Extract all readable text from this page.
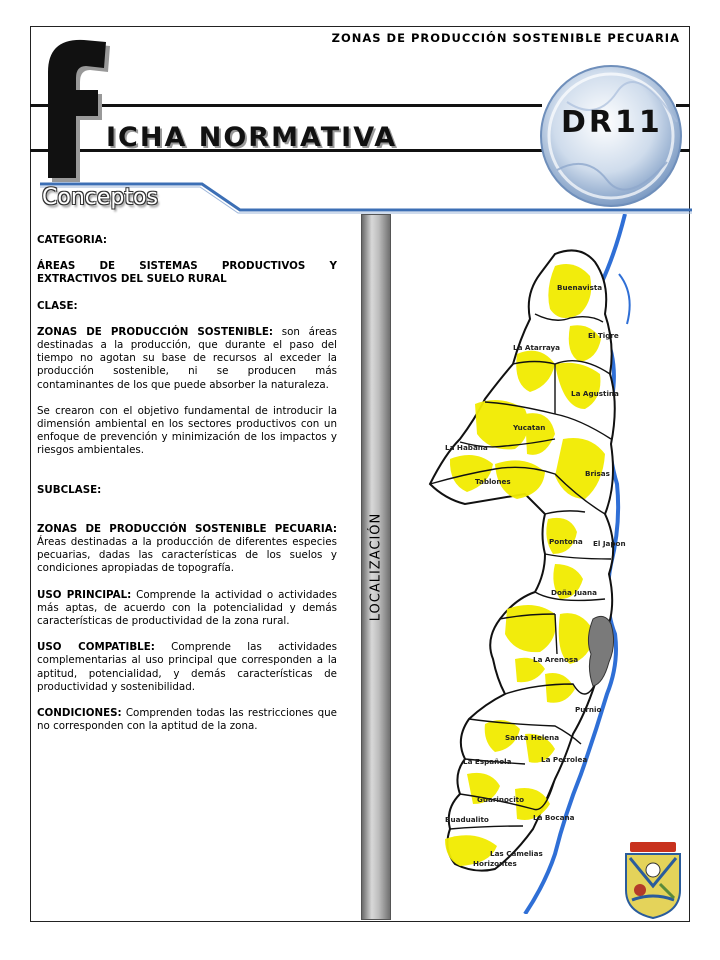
ZONAS DE PRODUCCIÓN SOSTENIBLE PECUARIA
ICHA NORMATIVA	DR11
Conceptos

CATEGORIA:

ÁREAS DE SISTEMAS PRODUCTIVOS Y EXTRACTIVOS DEL SUELO RURAL

CLASE:

ZONAS DE PRODUCCIÓN SOSTENIBLE: son áreas destinadas a la producción, que durante el paso del tiempo no agotan su base de recursos al exceder la producción sostenible, ni se producen más contaminantes de los que puede absorber la naturaleza.

Se crearon con el objetivo fundamental de introducir la dimensión ambiental en los sectores productivos con un enfoque de prevención y minimización de los impactos y riesgos ambientales.

SUBCLASE:

ZONAS DE PRODUCCIÓN SOSTENIBLE PECUARIA: Áreas destinadas a la producción de diferentes especies pecuarias, dadas las características de los suelos y condiciones apropiadas de topografía.

USO PRINCIPAL: Comprende la actividad o actividades más aptas, de acuerdo con la potencialidad y demás características de productividad de la zona rural.

USO COMPATIBLE: Comprende las actividades complementarias al uso principal que corresponden a la aptitud, potencialidad, y demás características de productividad y sostenibilidad.

CONDICIONES: Comprenden todas las restricciones que no corresponden con la aptitud de la zona.

LOCALIZACIÓN
Buenavista
El Tigre
La Atarraya
La Agustina
Yucatan
La Habana
Tablones
Brisas
Pontona El Japon
Doña Juana
La Arenosa
Purnio
Santa Helena
La Española	La Petrolea
Guarinocito
La Bocana
Buadualito
Las Camelias
Horizontes
